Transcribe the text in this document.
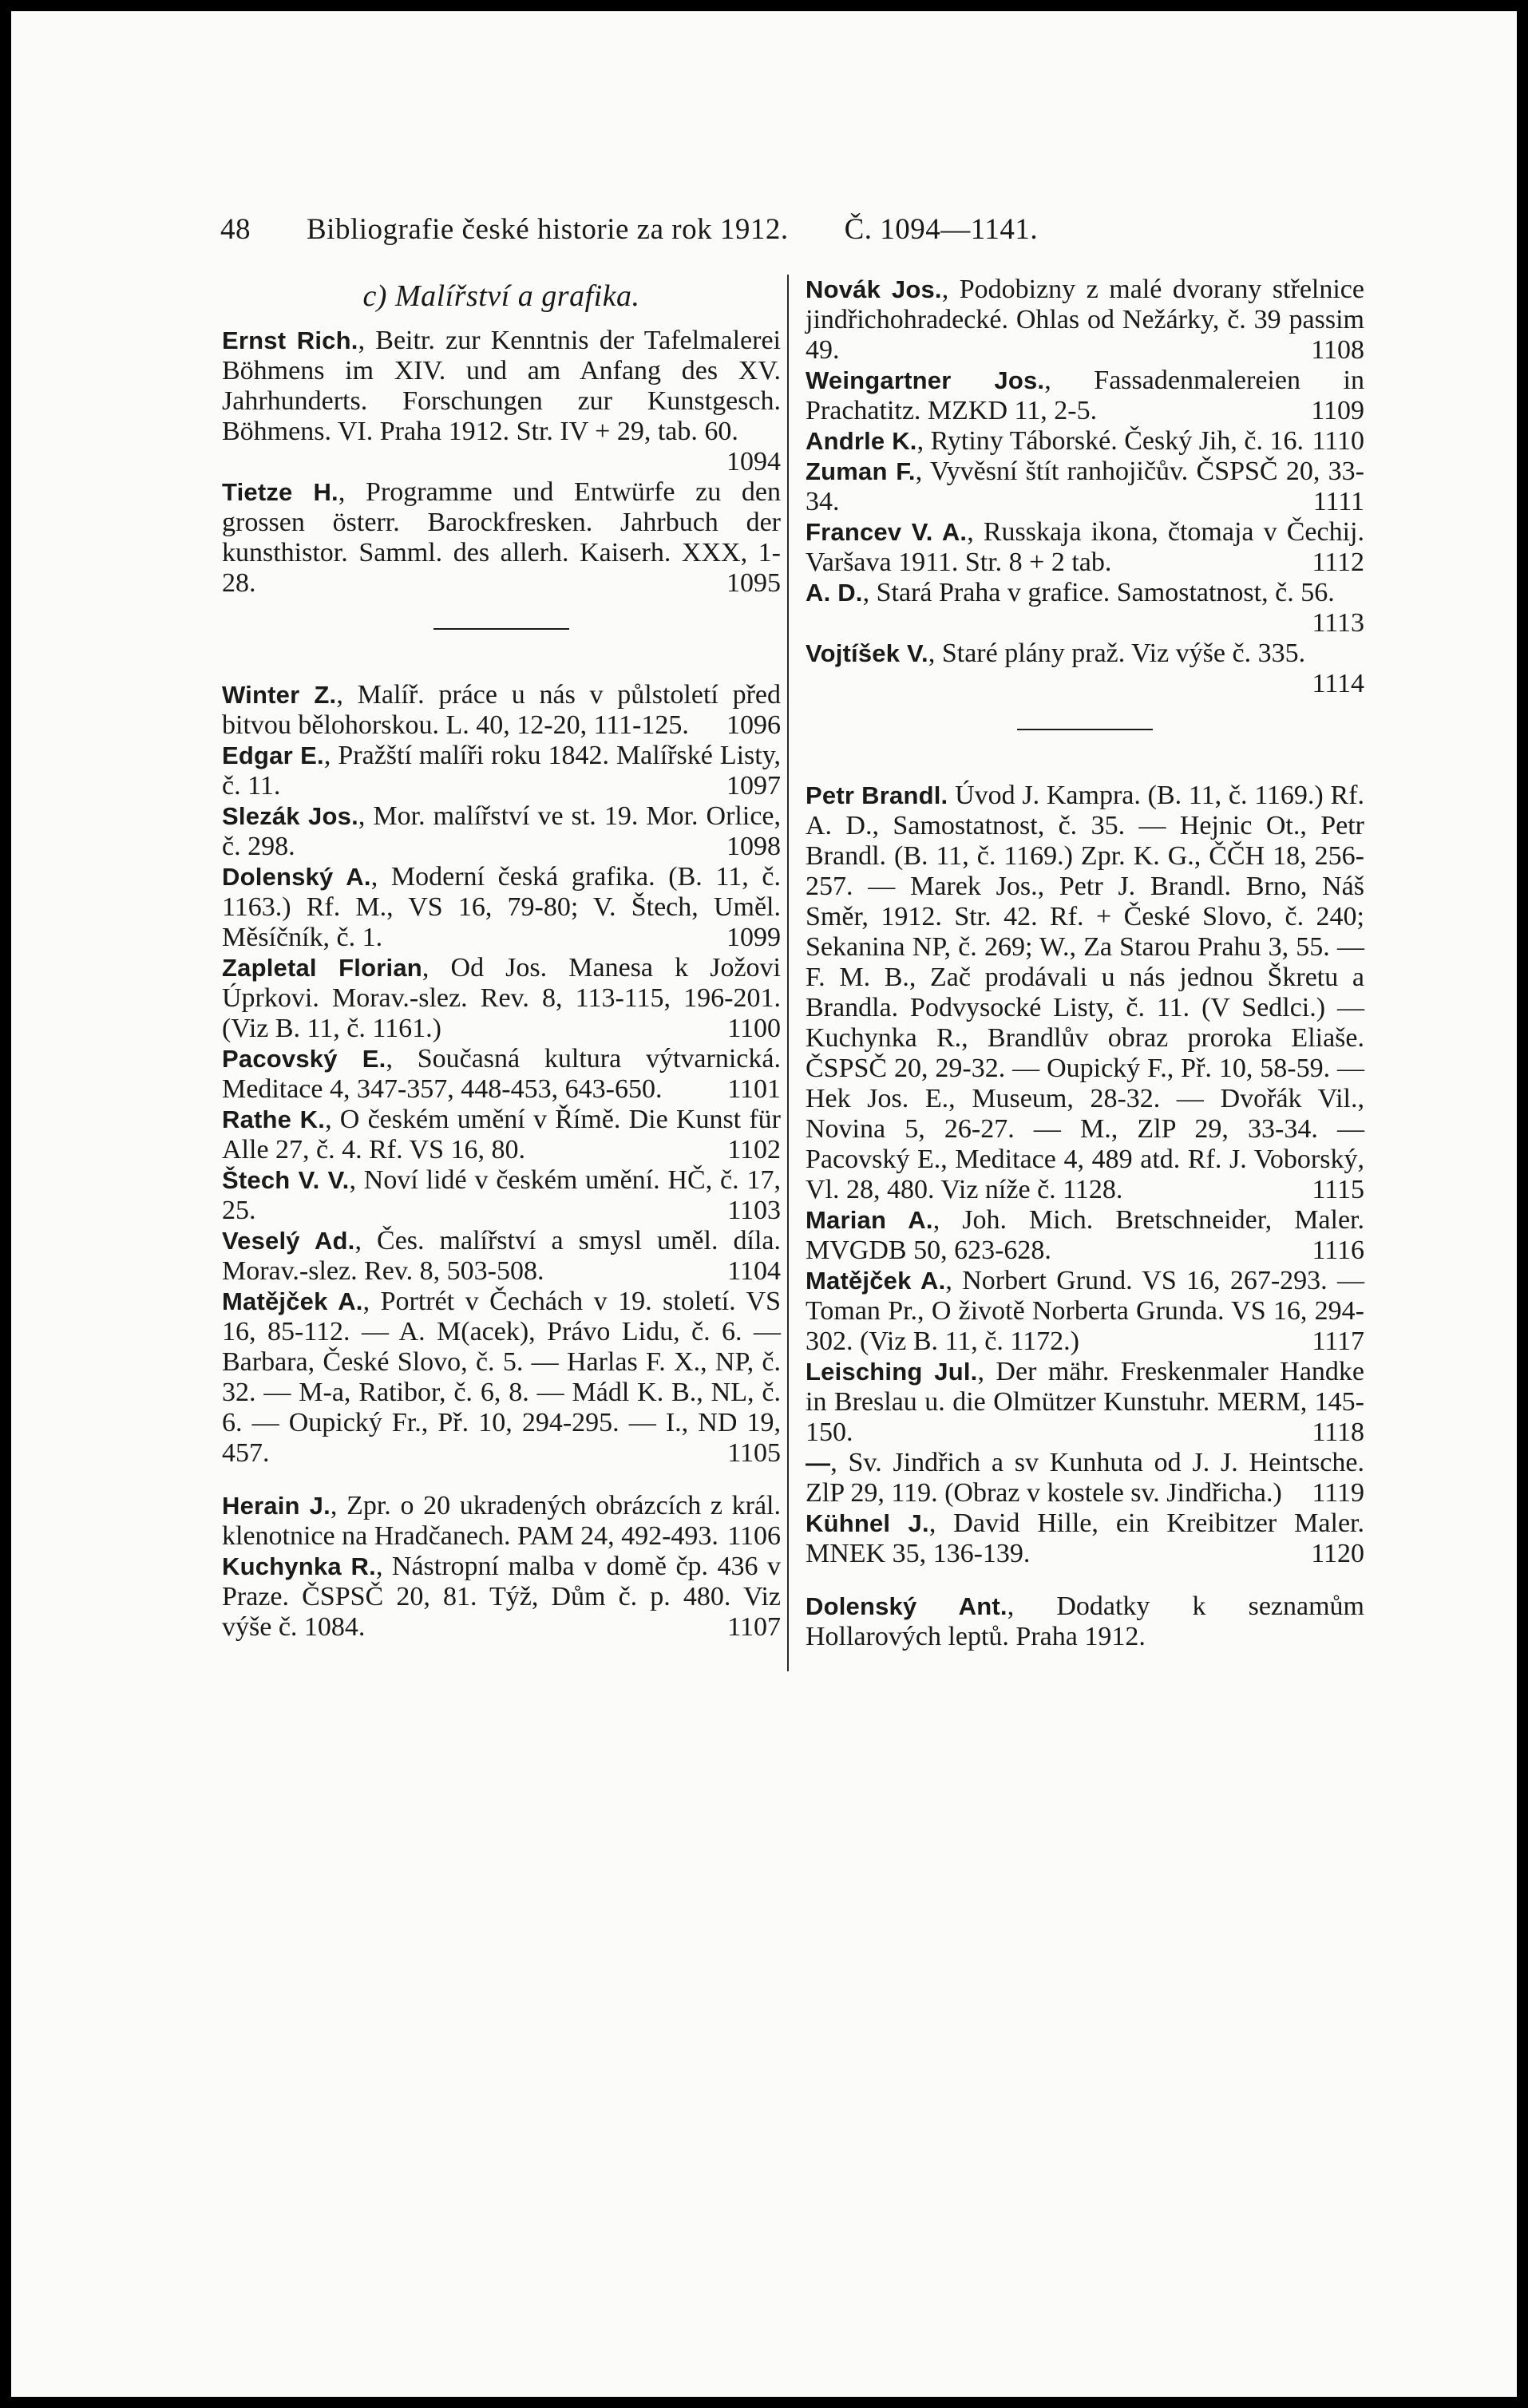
48 Bibliografie české historie za rok 1912. Č. 1094—1141.
c) Malířství a grafika.

Ernst Rich., Beitr. zur Kenntnis der Tafelmalerei Böhmens im XIV. und am Anfang des XV. Jahrhunderts. Forschungen zur Kunstgesch. Böhmens. VI. Praha 1912. Str. IV + 29, tab. 60.
1094

Tietze H., Programme und Entwürfe zu den grossen österr. Barockfresken. Jahrbuch der kunsthistor. Samml. des allerh. Kaiserh. XXX, 1-28.	1095

Winter Z., Malíř. práce u nás v půlstoletí před bitvou bělohorskou. L. 40, 12-20, 111-125. 1096

Edgar E., Pražští malíři roku 1842. Malířské Listy, č. 11.	1097

Slezák Jos., Mor. malířství ve st. 19. Mor. Orlice, č. 298.	1098

Dolenský A., Moderní česká grafika. (B. 11, č. 1163.) Rf. M., VS 16, 79-80; V. Štech, Uměl. Měsíčník, č. 1.	1099

Zapletal Florian, Od Jos. Manesa k Jožovi Úprkovi. Morav.-slez. Rev. 8, 113-115, 196-201. (Viz B. 11, č. 1161.)	1100

Pacovský E., Současná kultura výtvarnická. Meditace 4, 347-357, 448-453, 643-650. 1101

Rathe K., O českém umění v Římě. Die Kunst für Alle 27, č. 4. Rf. VS 16, 80.	1102

Štech V. V., Noví lidé v českém umění. HČ, č. 17, 25.	1103

Veselý Ad., Čes. malířství a smysl uměl. díla. Morav.-slez. Rev. 8, 503-508.	1104

Matějček A., Portrét v Čechách v 19. století. VS 16, 85-112. — A. M(acek), Právo Lidu, č. 6. — Barbara, České Slovo, č. 5. — Harlas F. X., NP, č. 32. — M-a, Ratibor, č. 6, 8. — Mádl K. B., NL, č. 6. — Oupický Fr., Př. 10, 294-295. — I., ND 19, 457.	1105

Herain J., Zpr. o 20 ukradených obrázcích z král. klenotnice na Hradčanech. PAM 24, 492-493. 1106

Kuchynka R., Nástropní malba v domě čp. 436 v Praze. ČSPSČ 20, 81. Týž, Dům č. p. 480. Viz výše č. 1084.	1107

Novák Jos., Podobizny z malé dvorany střelnice jindřichohradecké. Ohlas od Nežárky, č. 39 passim 49.	1108

Weingartner Jos., Fassadenmalereien in Prachatitz. MZKD 11, 2-5.	1109

Andrle K., Rytiny Táborské. Český Jih, č. 16. 1110

Zuman F., Vyvěsní štít ranhojičův. ČSPSČ 20, 33-34.	1111

Francev V. A., Russkaja ikona, čtomaja v Čechij. Varšava 1911. Str. 8 + 2 tab.	1112

A. D., Stará Praha v grafice. Samostatnost, č. 56.
1113

Vojtíšek V., Staré plány praž. Viz výše č. 335.
1114

Petr Brandl. Úvod J. Kampra. (B. 11, č. 1169.) Rf. A. D., Samostatnost, č. 35. — Hejnic Ot., Petr Brandl. (B. 11, č. 1169.) Zpr. K. G., ČČH 18, 256-257. — Marek Jos., Petr J. Brandl. Brno, Náš Směr, 1912. Str. 42. Rf. + České Slovo, č. 240; Sekanina NP, č. 269; W., Za Starou Prahu 3, 55. — F. M. B., Zač prodávali u nás jednou Škretu a Brandla. Podvysocké Listy, č. 11. (V Sedlci.) — Kuchynka R., Brandlův obraz proroka Eliaše. ČSPSČ 20, 29-32. — Oupický F., Př. 10, 58-59. — Hek Jos. E., Museum, 28-32. — Dvořák Vil., Novina 5, 26-27. — M., ZlP 29, 33-34. — Pacovský E., Meditace 4, 489 atd. Rf. J. Voborský, Vl. 28, 480. Viz níže č. 1128.	1115

Marian A., Joh. Mich. Bretschneider, Maler. MVGDB 50, 623-628.	1116

Matějček A., Norbert Grund. VS 16, 267-293. — Toman Pr., O životě Norberta Grunda. VS 16, 294-302. (Viz B. 11, č. 1172.)	1117

Leisching Jul., Der mähr. Freskenmaler Handke in Breslau u. die Olmützer Kunstuhr. MERM, 145-150.	1118

—, Sv. Jindřich a sv Kunhuta od J. J. Heintsche. ZlP 29, 119. (Obraz v kostele sv. Jindřicha.) 1119

Kühnel J., David Hille, ein Kreibitzer Maler. MNEK 35, 136-139.	1120

Dolenský Ant., Dodatky k seznamům Hollarových leptů. Praha 1912.
